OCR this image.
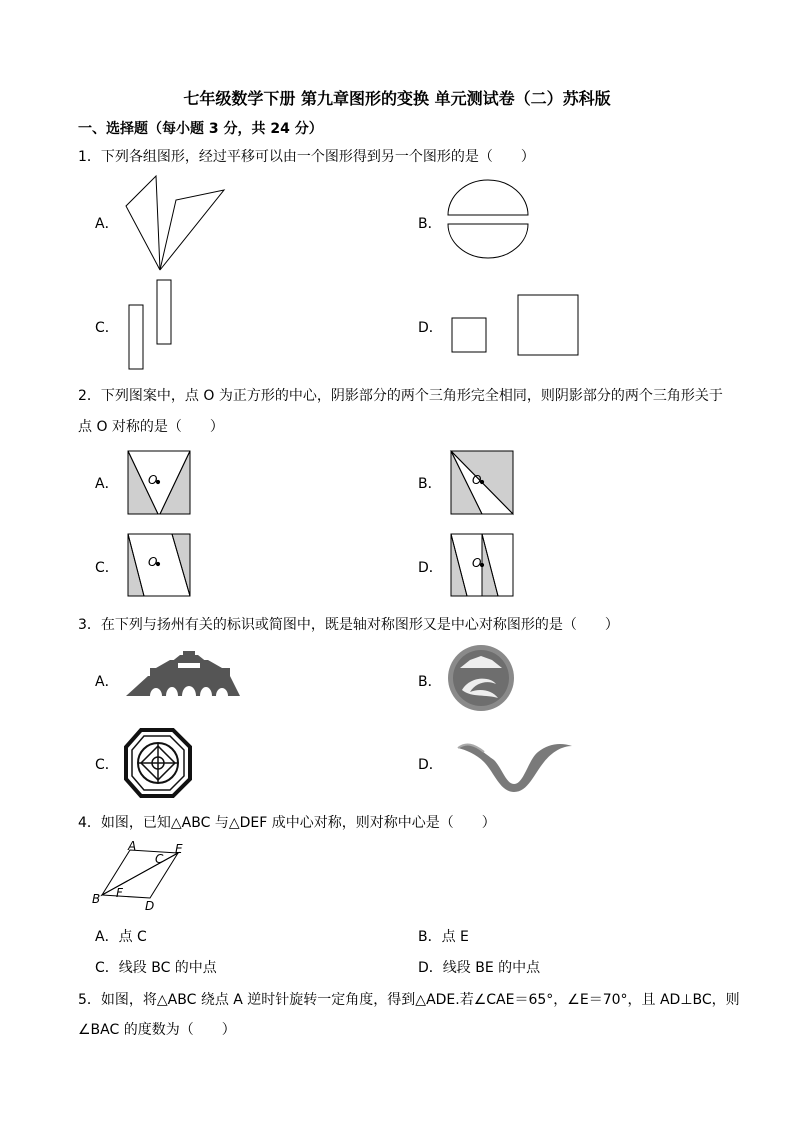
七年级数学下册 第九章图形的变换 单元测试卷（二）苏科版
一、选择题（每小题 3 分，共 24 分）
1．下列各组图形，经过平移可以由一个图形得到另一个图形的是（　　）
A．	B．
C．	D．
2．下列图案中，点 O 为正方形的中心，阴影部分的两个三角形完全相同，则阴影部分的两个三角形关于
点 O 对称的是（　　）
A．	B．
C．	D．
O	O
O	O
3．在下列与扬州有关的标识或简图中，既是轴对称图形又是中心对称图形的是（　　）
A．	B．
C．	D．
4．如图，已知△ABC 与△DEF 成中心对称，则对称中心是（　　）
A
C
E
B F
D
A．点 C	B．点 E
C．线段 BC 的中点	D．线段 BE 的中点
5．如图，将△ABC 绕点 A 逆时针旋转一定角度，得到△ADE.若∠CAE＝65°，∠E＝70°，且 AD⊥BC，则
∠BAC 的度数为（　　）
